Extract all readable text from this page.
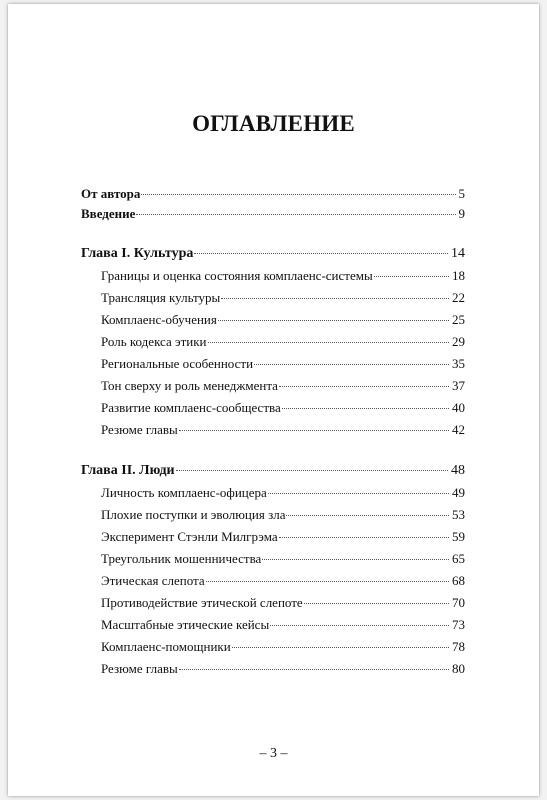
ОГЛАВЛЕНИЕ
От автора	5
Введение	9
Глава I. Культура	14
Границы и оценка состояния комплаенс-системы	18
Трансляция культуры	22
Комплаенс-обучения	25
Роль кодекса этики	29
Региональные особенности	35
Тон сверху и роль менеджмента	37
Развитие комплаенс-сообщества	40
Резюме главы	42
Глава II. Люди	48
Личность комплаенс-офицера	49
Плохие поступки и эволюция зла	53
Эксперимент Стэнли Милгрэма	59
Треугольник мошенничества	65
Этическая слепота	68
Противодействие этической слепоте	70
Масштабные этические кейсы	73
Комплаенс-помощники	78
Резюме главы	80
– 3 –
